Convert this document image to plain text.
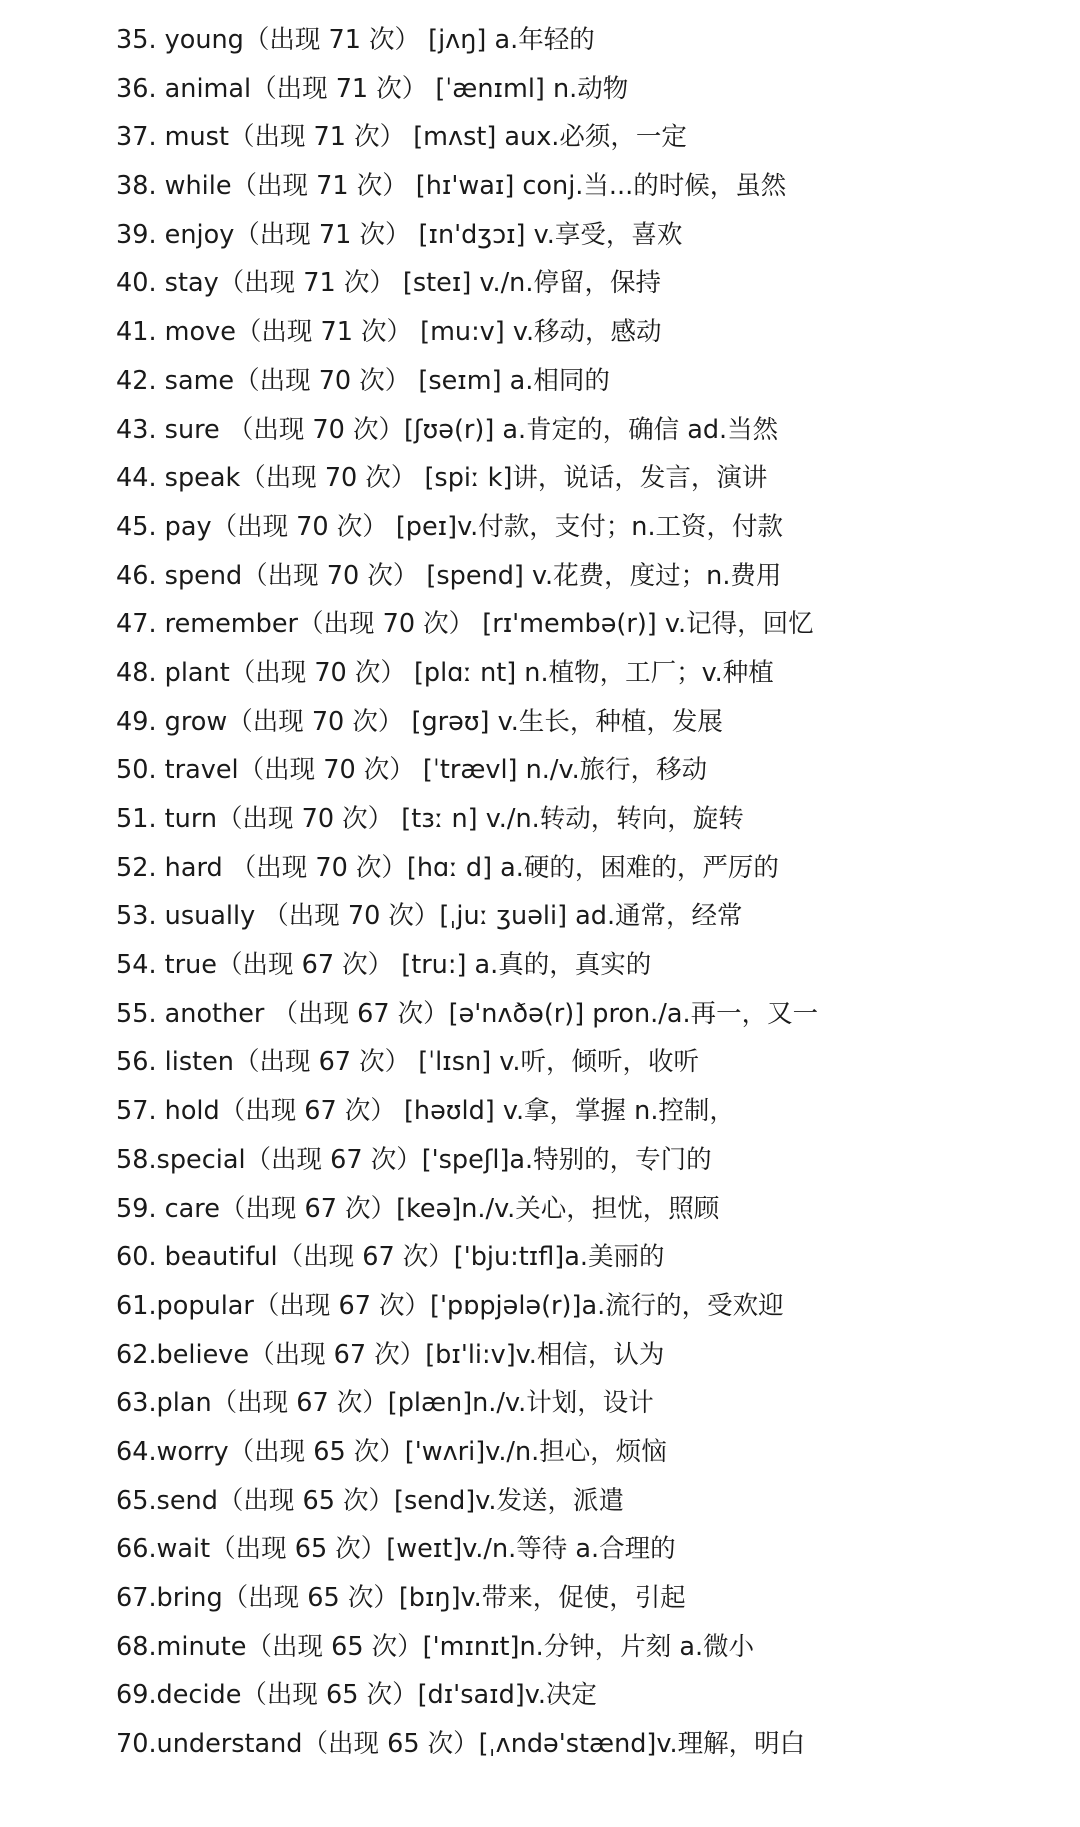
35. young（出现 71 次） [jʌŋ] a.年轻的
36. animal（出现 71 次） [ˈænɪml] n.动物
37. must（出现 71 次） [mʌst] aux.必须，一定
38. while（出现 71 次） [hɪ'waɪ] conj.当...的时候，虽然
39. enjoy（出现 71 次） [ɪn'dʒɔɪ] v.享受，喜欢
40. stay（出现 71 次） [steɪ] v./n.停留，保持
41. move（出现 71 次） [mu:v] v.移动，感动
42. same（出现 70 次） [seɪm] a.相同的
43. sure （出现 70 次）[ʃʊə(r)] a.肯定的，确信 ad.当然
44. speak（出现 70 次） [spiː k]讲，说话，发言，演讲
45. pay（出现 70 次） [peɪ]v.付款，支付；n.工资，付款
46. spend（出现 70 次） [spend] v.花费，度过；n.费用
47. remember（出现 70 次） [rɪ'membə(r)] v.记得，回忆
48. plant（出现 70 次） [plɑː nt] n.植物，工厂；v.种植
49. grow（出现 70 次） [grəʊ] v.生长，种植，发展
50. travel（出现 70 次） [ˈtrævl] n./v.旅行，移动
51. turn（出现 70 次） [tɜː n] v./n.转动，转向，旋转
52. hard （出现 70 次）[hɑː d] a.硬的，困难的，严厉的
53. usually （出现 70 次）[ˌjuː ʒuəli] ad.通常，经常
54. true（出现 67 次） [tru:] a.真的，真实的
55. another （出现 67 次）[ə'nʌðə(r)] pron./a.再一，又一
56. listen（出现 67 次） [ˈlɪsn] v.听，倾听，收听
57. hold（出现 67 次） [həʊld] v.拿，掌握 n.控制，
58.special（出现 67 次）['speʃl]a.特别的，专门的
59. care（出现 67 次）[keə]n./v.关心，担忧，照顾
60. beautiful（出现 67 次）['bju:tɪfl]a.美丽的
61.popular（出现 67 次）['pɒpjələ(r)]a.流行的，受欢迎
62.believe（出现 67 次）[bɪ'li:v]v.相信，认为
63.plan（出现 67 次）[plæn]n./v.计划，设计
64.worry（出现 65 次）['wʌri]v./n.担心，烦恼
65.send（出现 65 次）[send]v.发送，派遣
66.wait（出现 65 次）[weɪt]v./n.等待 a.合理的
67.bring（出现 65 次）[bɪŋ]v.带来，促使，引起
68.minute（出现 65 次）['mɪnɪt]n.分钟，片刻 a.微小
69.decide（出现 65 次）[dɪ'saɪd]v.决定
70.understand（出现 65 次）[ˌʌndə'stænd]v.理解，明白
